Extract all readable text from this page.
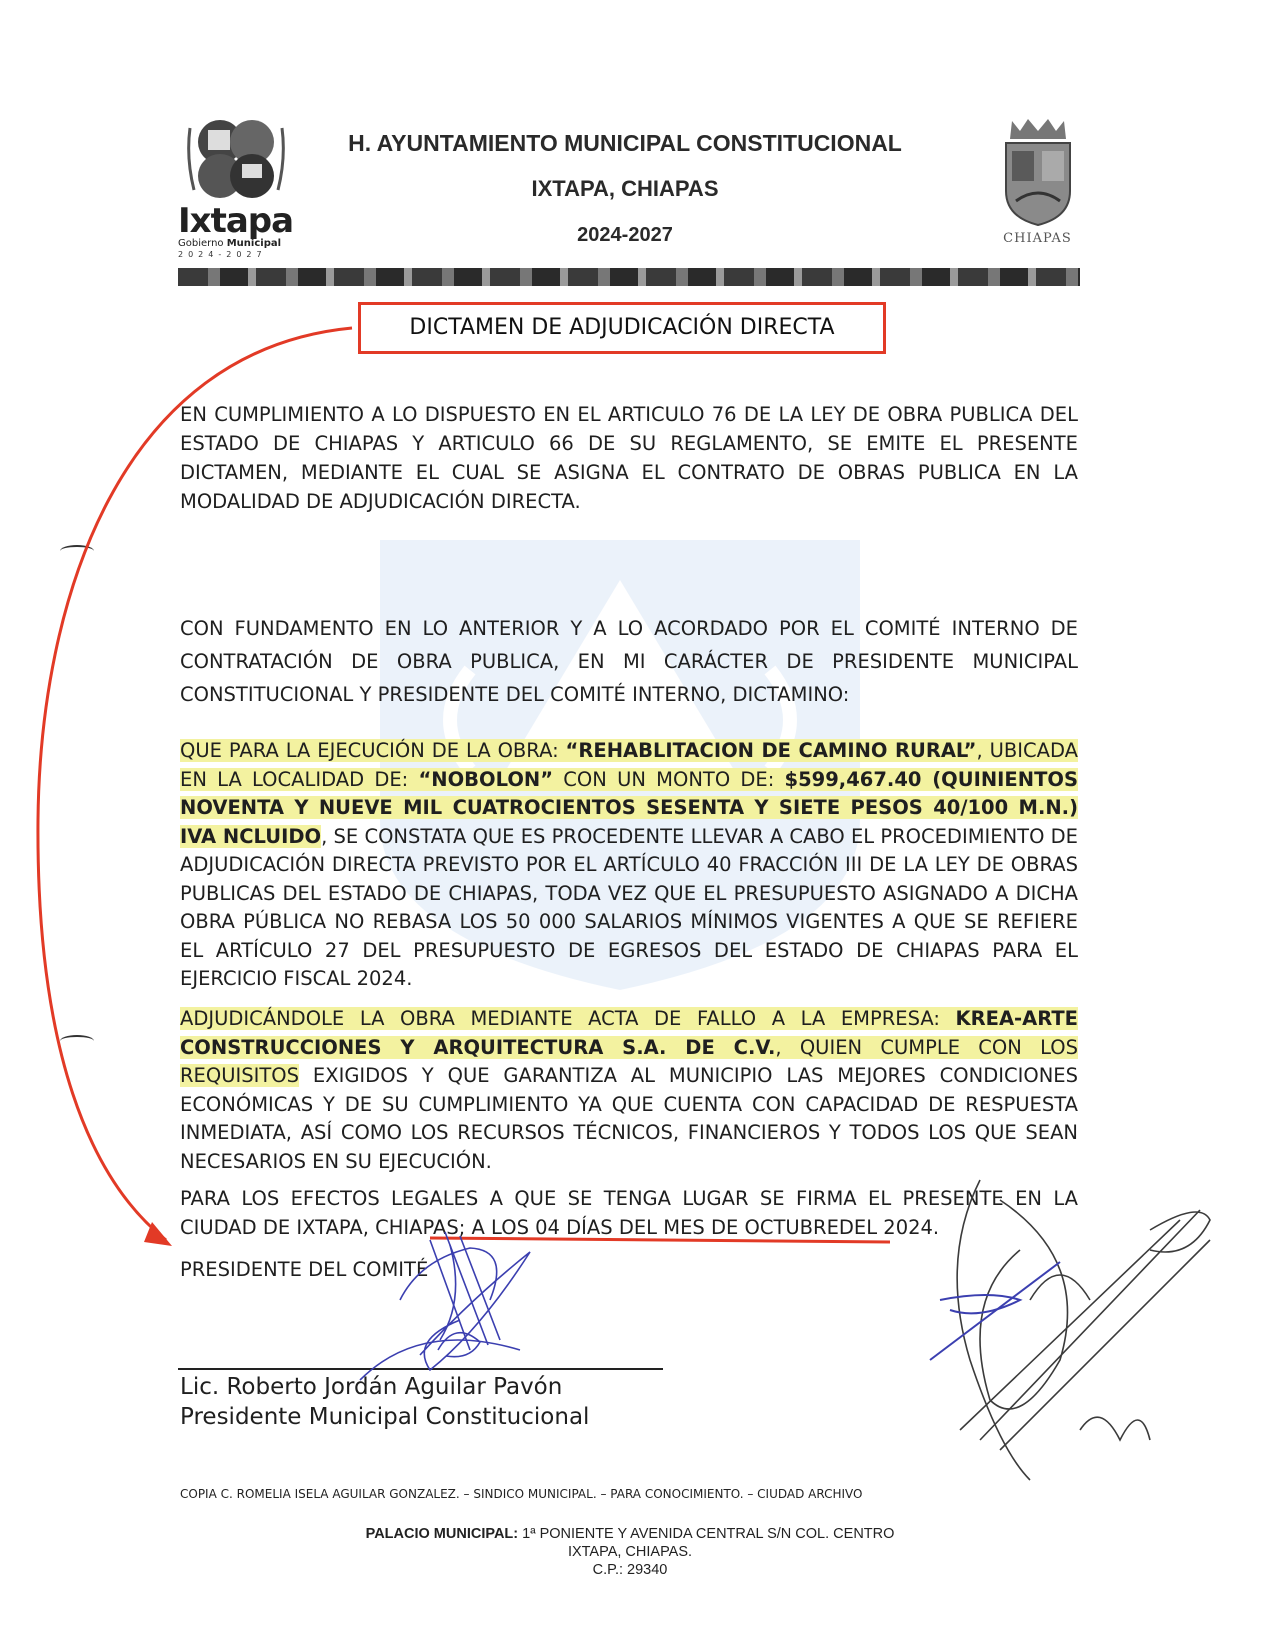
Ixtapa
Gobierno Municipal
2024-2027
H. AYUNTAMIENTO MUNICIPAL CONSTITUCIONAL
IXTAPA, CHIAPAS
2024-2027	CHIAPAS
DICTAMEN DE ADJUDICACIÓN DIRECTA
EN CUMPLIMIENTO A LO DISPUESTO EN EL ARTICULO 76 DE LA LEY DE OBRA PUBLICA DEL ESTADO DE CHIAPAS Y ARTICULO 66 DE SU REGLAMENTO, SE EMITE EL PRESENTE DICTAMEN, MEDIANTE EL CUAL SE ASIGNA EL CONTRATO DE OBRAS PUBLICA EN LA MODALIDAD DE ADJUDICACIÓN DIRECTA.
CON FUNDAMENTO EN LO ANTERIOR Y A LO ACORDADO POR EL COMITÉ INTERNO DE CONTRATACIÓN DE OBRA PUBLICA, EN MI CARÁCTER DE PRESIDENTE MUNICIPAL CONSTITUCIONAL Y PRESIDENTE DEL COMITÉ INTERNO, DICTAMINO:
QUE PARA LA EJECUCIÓN DE LA OBRA: “REHABLITACION DE CAMINO RURAL”, UBICADA EN LA LOCALIDAD DE: “NOBOLON” CON UN MONTO DE: $599,467.40 (QUINIENTOS NOVENTA Y NUEVE MIL CUATROCIENTOS SESENTA Y SIETE PESOS 40/100 M.N.) IVA NCLUIDO, SE CONSTATA QUE ES PROCEDENTE LLEVAR A CABO EL PROCEDIMIENTO DE ADJUDICACIÓN DIRECTA PREVISTO POR EL ARTÍCULO 40 FRACCIÓN III DE LA LEY DE OBRAS PUBLICAS DEL ESTADO DE CHIAPAS, TODA VEZ QUE EL PRESUPUESTO ASIGNADO A DICHA OBRA PÚBLICA NO REBASA LOS 50 000 SALARIOS MÍNIMOS VIGENTES A QUE SE REFIERE EL ARTÍCULO 27 DEL PRESUPUESTO DE EGRESOS DEL ESTADO DE CHIAPAS PARA EL EJERCICIO FISCAL 2024.
ADJUDICÁNDOLE LA OBRA MEDIANTE ACTA DE FALLO A LA EMPRESA: KREA-ARTE CONSTRUCCIONES Y ARQUITECTURA S.A. DE C.V., QUIEN CUMPLE CON LOS REQUISITOS EXIGIDOS Y QUE GARANTIZA AL MUNICIPIO LAS MEJORES CONDICIONES ECONÓMICAS Y DE SU CUMPLIMIENTO YA QUE CUENTA CON CAPACIDAD DE RESPUESTA INMEDIATA, ASÍ COMO LOS RECURSOS TÉCNICOS, FINANCIEROS Y TODOS LOS QUE SEAN NECESARIOS EN SU EJECUCIÓN.
PARA LOS EFECTOS LEGALES A QUE SE TENGA LUGAR SE FIRMA EL PRESENTE EN LA CIUDAD DE IXTAPA, CHIAPAS; A LOS 04 DÍAS DEL MES DE OCTUBREDEL 2024.
PRESIDENTE DEL COMITÉ
Lic. Roberto Jordán Aguilar Pavón
Presidente Municipal Constitucional
COPIA C. ROMELIA ISELA AGUILAR GONZALEZ. – SINDICO MUNICIPAL. – PARA CONOCIMIENTO. – CIUDAD ARCHIVO
PALACIO MUNICIPAL: 1ª PONIENTE Y AVENIDA CENTRAL S/N COL. CENTRO
IXTAPA, CHIAPAS.
C.P.: 29340
